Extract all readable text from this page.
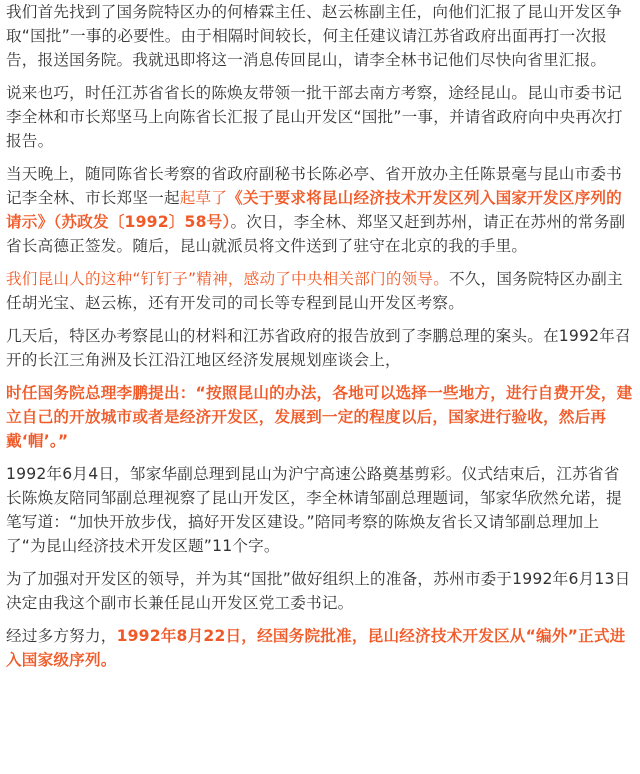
我们首先找到了国务院特区办的何椿霖主任、赵云栋副主任，向他们汇报了昆山开发区争取“国批”一事的必要性。由于相隔时间较长，何主任建议请江苏省政府出面再打一次报告，报送国务院。我就迅即将这一消息传回昆山，请李全林书记他们尽快向省里汇报。

说来也巧，时任江苏省省长的陈焕友带领一批干部去南方考察，途经昆山。昆山市委书记李全林和市长郑坚马上向陈省长汇报了昆山开发区“国批”一事，并请省政府向中央再次打报告。

当天晚上，随同陈省长考察的省政府副秘书长陈必亭、省开放办主任陈景毫与昆山市委书记李全林、市长郑坚一起起草了《关于要求将昆山经济技术开发区列入国家开发区序列的请示》（苏政发〔1992〕58号）。次日，李全林、郑坚又赶到苏州，请正在苏州的常务副省长高德正签发。随后，昆山就派员将文件送到了驻守在北京的我的手里。

我们昆山人的这种“钉钉子”精神，感动了中央相关部门的领导。不久，国务院特区办副主任胡光宝、赵云栋，还有开发司的司长等专程到昆山开发区考察。

几天后，特区办考察昆山的材料和江苏省政府的报告放到了李鹏总理的案头。在1992年召开的长江三角洲及长江沿江地区经济发展规划座谈会上，

时任国务院总理李鹏提出：“按照昆山的办法，各地可以选择一些地方，进行自费开发，建立自己的开放城市或者是经济开发区，发展到一定的程度以后，国家进行验收，然后再戴‘帽’。”

1992年6月4日，邹家华副总理到昆山为沪宁高速公路奠基剪彩。仪式结束后，江苏省省长陈焕友陪同邹副总理视察了昆山开发区，李全林请邹副总理题词，邹家华欣然允诺，提笔写道：“加快开放步伐，搞好开发区建设。”陪同考察的陈焕友省长又请邹副总理加上了“为昆山经济技术开发区题”11个字。

为了加强对开发区的领导，并为其“国批”做好组织上的准备，苏州市委于1992年6月13日决定由我这个副市长兼任昆山开发区党工委书记。

经过多方努力，1992年8月22日，经国务院批准，昆山经济技术开发区从“编外”正式进入国家级序列。
